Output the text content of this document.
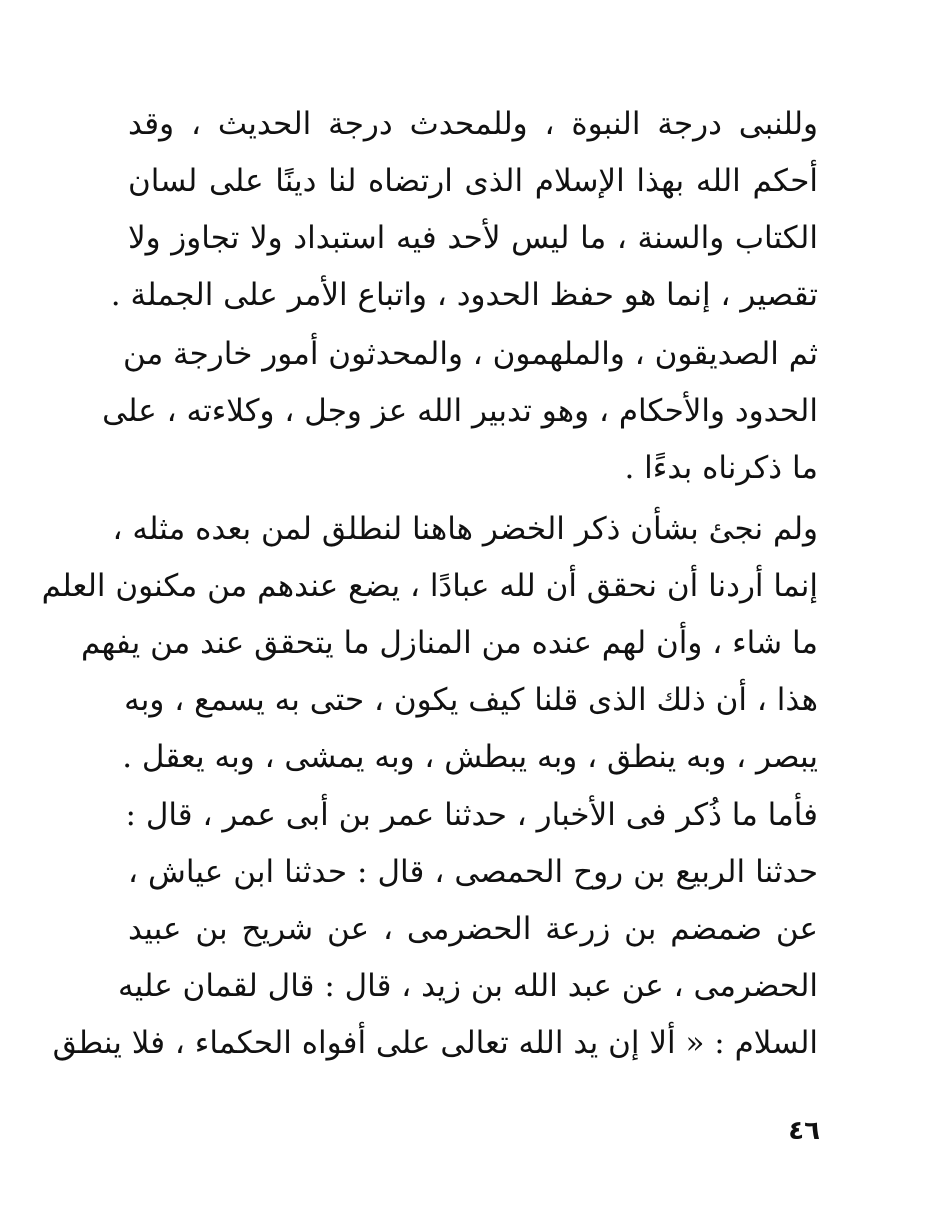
وللنبى درجة النبوة ، وللمحدث درجة الحديث ، وقد
أحكم الله بهذا الإسلام الذى ارتضاه لنا دينًا على لسان
الكتاب والسنة ، ما ليس لأحد فيه استبداد ولا تجاوز ولا
تقصير ، إنما هو حفظ الحدود ، واتباع الأمر على الجملة .
ثم الصديقون ، والملهمون ، والمحدثون أمور خارجة من
الحدود والأحكام ، وهو تدبير الله عز وجل ، وكلاءته ، على
ما ذكرناه بدءًا .
ولم نجئ بشأن ذكر الخضر هاهنا لنطلق لمن بعده مثله ،
إنما أردنا أن نحقق أن لله عبادًا ، يضع عندهم من مكنون العلم
ما شاء ، وأن لهم عنده من المنازل ما يتحقق عند من يفهم
هذا ، أن ذلك الذى قلنا كيف يكون ، حتى به يسمع ، وبه
يبصر ، وبه ينطق ، وبه يبطش ، وبه يمشى ، وبه يعقل .
فأما ما ذُكر فى الأخبار ، حدثنا عمر بن أبى عمر ، قال :
حدثنا الربيع بن روح الحمصى ، قال : حدثنا ابن عياش ،
عن ضمضم بن زرعة الحضرمى ، عن شريح بن عبيد
الحضرمى ، عن عبد الله بن زيد ، قال : قال لقمان عليه
السلام : « ألا إن يد الله تعالى على أفواه الحكماء ، فلا ينطق
٤٦
